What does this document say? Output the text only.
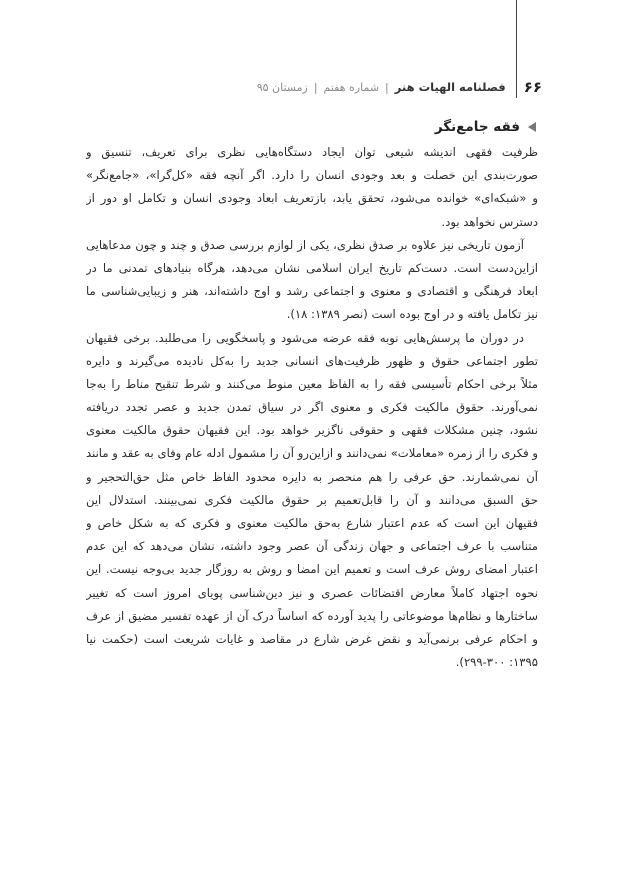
۶۶
فصلنامه الهیات هنر
|
شماره هفتم
|
زمستان ۹۵
فقه جامع‌نگر
ظرفیت فقهی اندیشه شیعی توان ایجاد دستگاه‌هایی نظری برای تعریف، تنسیق و
صورت‌بندی این خصلت و بعد وجودی انسان را دارد. اگر آنچه فقه «کل‌گرا»، «جامع‌نگر»
و «شبکه‌ای» خوانده می‌شود، تحقق یابد، بازتعریف ابعاد وجودی انسان و تکامل او دور از
دسترس نخواهد بود.
آزمون تاریخی نیز علاوه بر صدق نظری، یکی از لوازم بررسی صدق و چند و چون مدعاهایی
ازاین‌دست است. دست‌کم تاریخ ایران اسلامی نشان می‌دهد، هرگاه بنیادهای تمدنی ما در
ابعاد فرهنگی و اقتصادی و معنوی و اجتماعی رشد و اوج داشته‌اند، هنر و زیبایی‌شناسی ما
نیز تکامل یافته و در اوج بوده است (نصر ۱۳۸۹: ۱۸).
در دوران ما پرسش‌هایی نوبه فقه عرضه می‌شود و پاسخگویی را می‌طلبد. برخی فقیهان
تطور اجتماعی حقوق و ظهور ظرفیت‌های انسانی جدید را به‌کل نادیده می‌گیرند و دایره
مثلاً برخی احکام تأسیسی فقه را به الفاظ معین منوط می‌کنند و شرط تنقیح مناط را به‌جا
نمی‌آورند. حقوق مالکیت فکری و معنوی اگر در سیاق تمدن جدید و عصر تجدد دریافته
نشود، چنین مشکلات فقهی و حقوقی ناگزیر خواهد بود. این فقیهان حقوق مالکیت معنوی
و فکری را از زمره «معاملات» نمی‌دانند و ازاین‌رو آن را مشمول ادله عام وفای به عقد و مانند
آن نمی‌شمارند. حق عرفی را هم منحصر به دایره محدود الفاظ خاص مثل حق‌التحجیر و
حق السبق می‌دانند و آن را قابل‌تعمیم بر حقوق مالکیت فکری نمی‌بینند. استدلال این
فقیهان این است که عدم اعتبار شارع به‌حق مالکیت معنوی و فکری که به شکل خاص و
متناسب با عرف اجتماعی و جهان زندگی آن عصر وجود داشته، نشان می‌دهد که این عدم
اعتبار امضای روش عرف است و تعمیم این امضا و روش به روزگار جدید بی‌وجه نیست. این
نحوه اجتهاد کاملاً معارض اقتضائات عصری و نیز دین‌شناسی پویای امروز است که تغییر
ساختارها و نظام‌ها موضوعاتی را پدید آورده که اساساً درک آن از عهده تفسیر مضیق از عرف
و احکام عرفی برنمی‌آید و نقض غرض شارع در مقاصد و غایات شریعت است (حکمت نیا
۱۳۹۵: ۲۹۹-۳۰۰).
